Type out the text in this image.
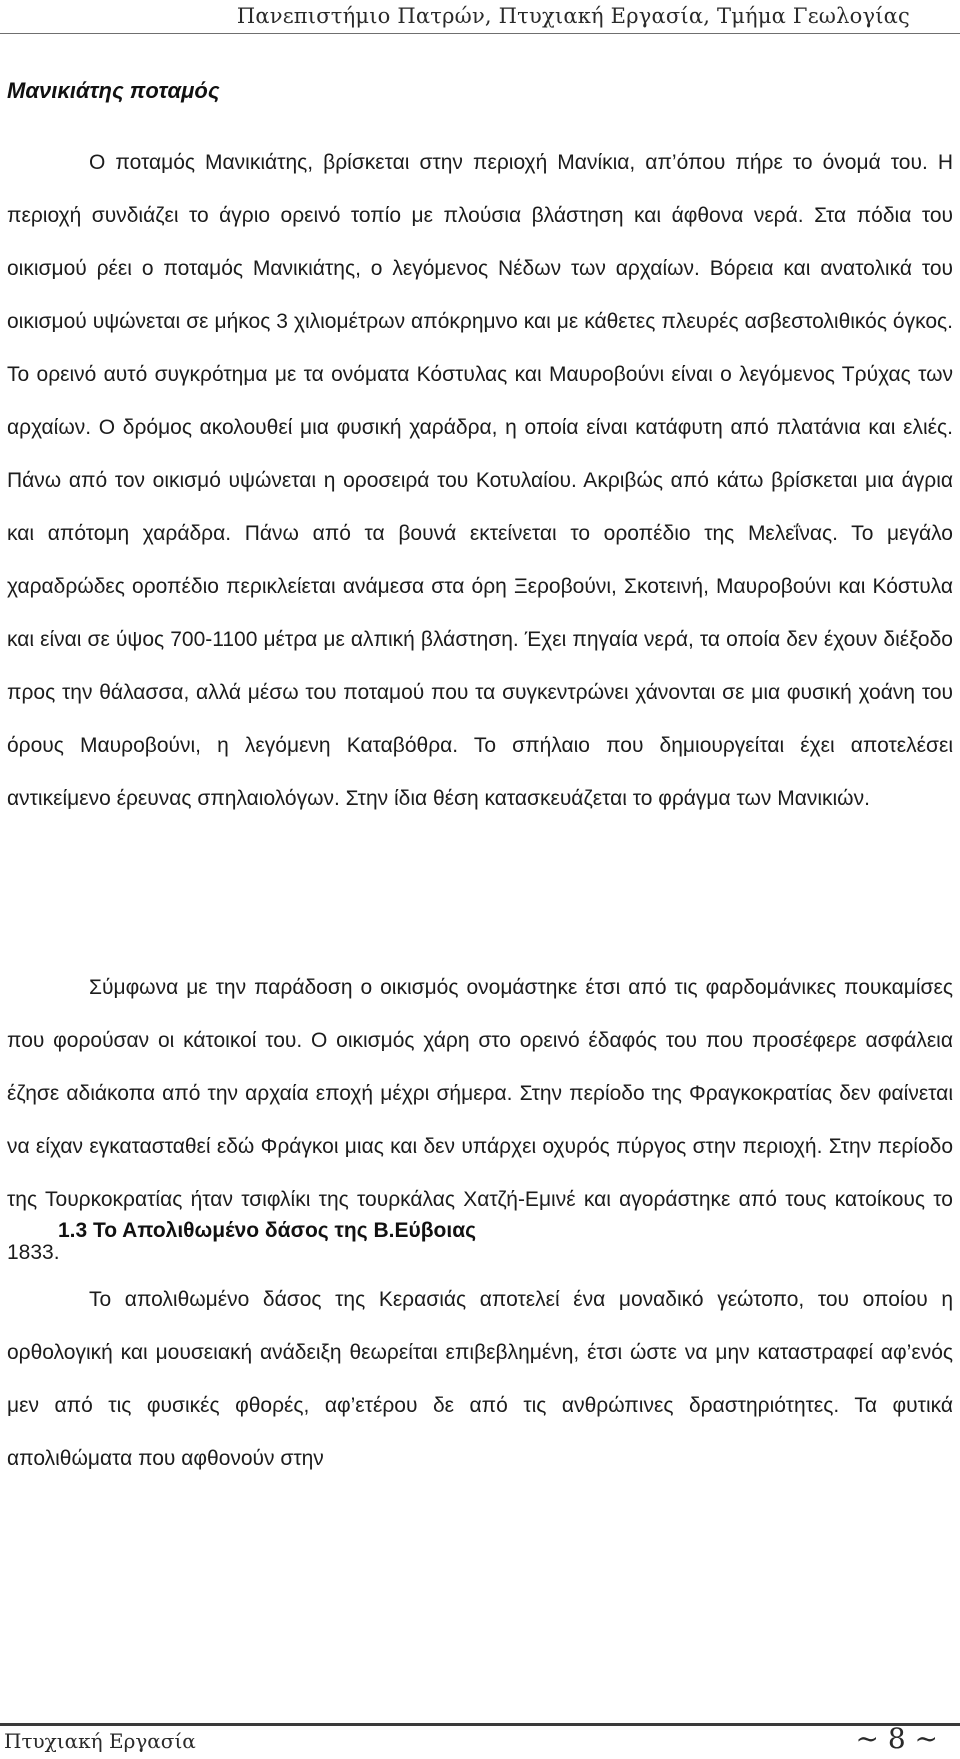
Πανεπιστήμιο Πατρών, Πτυχιακή Εργασία, Τμήμα Γεωλογίας
Μανικιάτης ποταμός

Ο ποταμός Μανικιάτης, βρίσκεται στην περιοχή Μανίκια, απ’όπου πήρε το όνομά του. Η περιοχή συνδιάζει το άγριο ορεινό τοπίο με πλούσια βλάστηση και άφθονα νερά. Στα πόδια του οικισμού ρέει ο ποταμός Μανικιάτης, ο λεγόμενος Νέδων των αρχαίων. Βόρεια και ανατολικά του οικισμού υψώνεται σε μήκος 3 χιλιομέτρων απόκρημνο και με κάθετες πλευρές ασβεστολιθικός όγκος. Το ορεινό αυτό συγκρότημα με τα ονόματα Κόστυλας και Μαυροβούνι είναι ο λεγόμενος Τρύχας των αρχαίων. Ο δρόμος ακολουθεί μια φυσική χαράδρα, η οποία είναι κατάφυτη από πλατάνια και ελιές. Πάνω από τον οικισμό υψώνεται η οροσειρά του Κοτυλαίου. Ακριβώς από κάτω βρίσκεται μια άγρια και απότομη χαράδρα. Πάνω από τα βουνά εκτείνεται το οροπέδιο της Μελεΐνας. Το μεγάλο χαραδρώδες οροπέδιο περικλείεται ανάμεσα στα όρη Ξεροβούνι, Σκοτεινή, Μαυροβούνι και Κόστυλα και είναι σε ύψος 700-1100 μέτρα με αλπική βλάστηση. Έχει πηγαία νερά, τα οποία δεν έχουν διέξοδο προς την θάλασσα, αλλά μέσω του ποταμού που τα συγκεντρώνει χάνονται σε μια φυσική χοάνη του όρους Μαυροβούνι, η λεγόμενη Καταβόθρα. Το σπήλαιο που δημιουργείται έχει αποτελέσει αντικείμενο έρευνας σπηλαιολόγων. Στην ίδια θέση κατασκευάζεται το φράγμα των Μανικιών.

Σύμφωνα με την παράδοση ο οικισμός ονομάστηκε έτσι από τις φαρδομάνικες πουκαμίσες που φορούσαν οι κάτοικοί του. Ο οικισμός χάρη στο ορεινό έδαφός του που προσέφερε ασφάλεια έζησε αδιάκοπα από την αρχαία εποχή μέχρι σήμερα. Στην περίοδο της Φραγκοκρατίας δεν φαίνεται να είχαν εγκατασταθεί εδώ Φράγκοι μιας και δεν υπάρχει οχυρός πύργος στην περιοχή. Στην περίοδο της Τουρκοκρατίας ήταν τσιφλίκι της τουρκάλας Χατζή-Εμινέ και αγοράστηκε από τους κατοίκους το 1833.

1.3 Το Απολιθωμένο δάσος της Β.Εύβοιας

Το απολιθωμένο δάσος της Κερασιάς αποτελεί ένα μοναδικό γεώτοπο, του οποίου η ορθολογική και μουσειακή ανάδειξη θεωρείται επιβεβλημένη, έτσι ώστε να μην καταστραφεί αφ’ενός μεν από τις φυσικές φθορές, αφ’ετέρου δε από τις ανθρώπινες δραστηριότητες. Τα φυτικά απολιθώματα που αφθονούν στην

Πτυχιακή Εργασία	~ 8 ~
